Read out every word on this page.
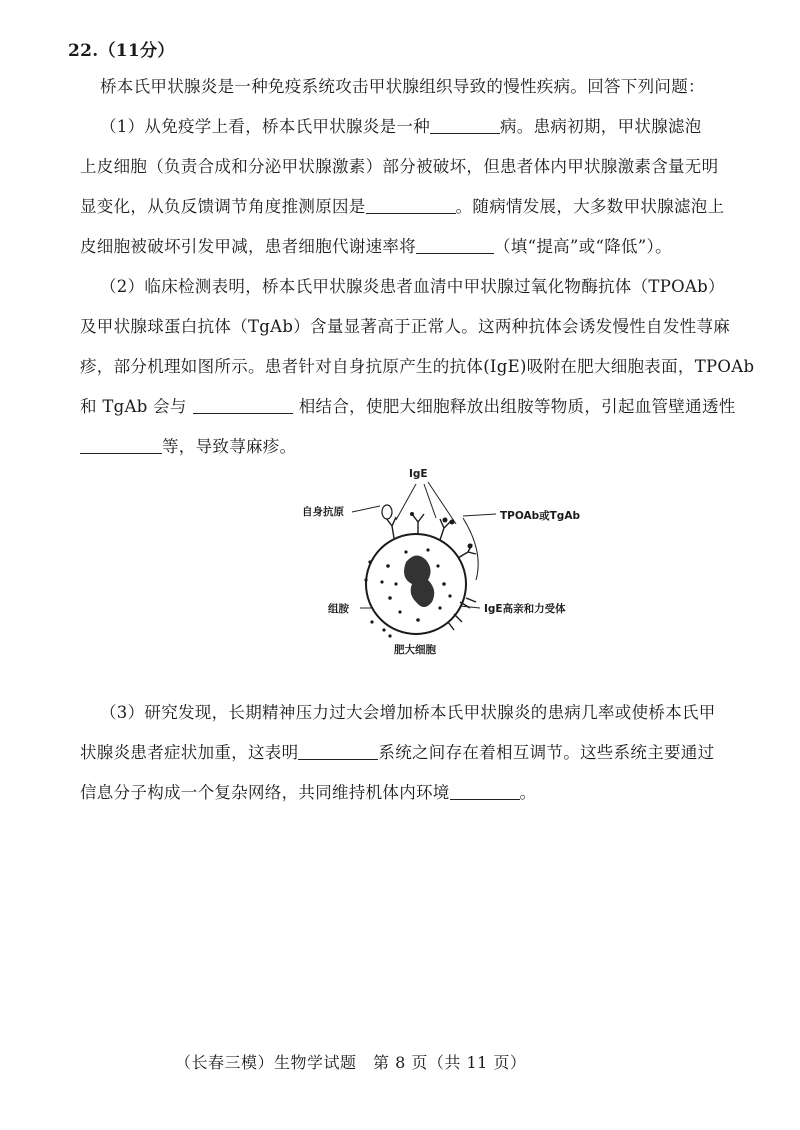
22.（11分）
桥本氏甲状腺炎是一种免疫系统攻击甲状腺组织导致的慢性疾病。回答下列问题：
（1）从免疫学上看，桥本氏甲状腺炎是一种	病。患病初期，甲状腺滤泡
上皮细胞（负责合成和分泌甲状腺激素）部分被破坏，但患者体内甲状腺激素含量无明
显变化，从负反馈调节角度推测原因是	。随病情发展，大多数甲状腺滤泡上
皮细胞被破坏引发甲减，患者细胞代谢速率将	（填“提高”或“降低”）。
（2）临床检测表明，桥本氏甲状腺炎患者血清中甲状腺过氧化物酶抗体（TPOAb）
及甲状腺球蛋白抗体（TgAb）含量显著高于正常人。这两种抗体会诱发慢性自发性荨麻
疹，部分机理如图所示。患者针对自身抗原产生的抗体(IgE)吸附在肥大细胞表面，TPOAb
和 TgAb 会与	相结合，使肥大细胞释放出组胺等物质，引起血管壁通透性
等，导致荨麻疹。
IgE
自身抗原	TPOAb或TgAb
组胺	IgE高亲和力受体
肥大细胞
（3）研究发现，长期精神压力过大会增加桥本氏甲状腺炎的患病几率或使桥本氏甲
状腺炎患者症状加重，这表明	系统之间存在着相互调节。这些系统主要通过
信息分子构成一个复杂网络，共同维持机体内环境	。
（长春三模）生物学试题　第 8 页（共 11 页）
